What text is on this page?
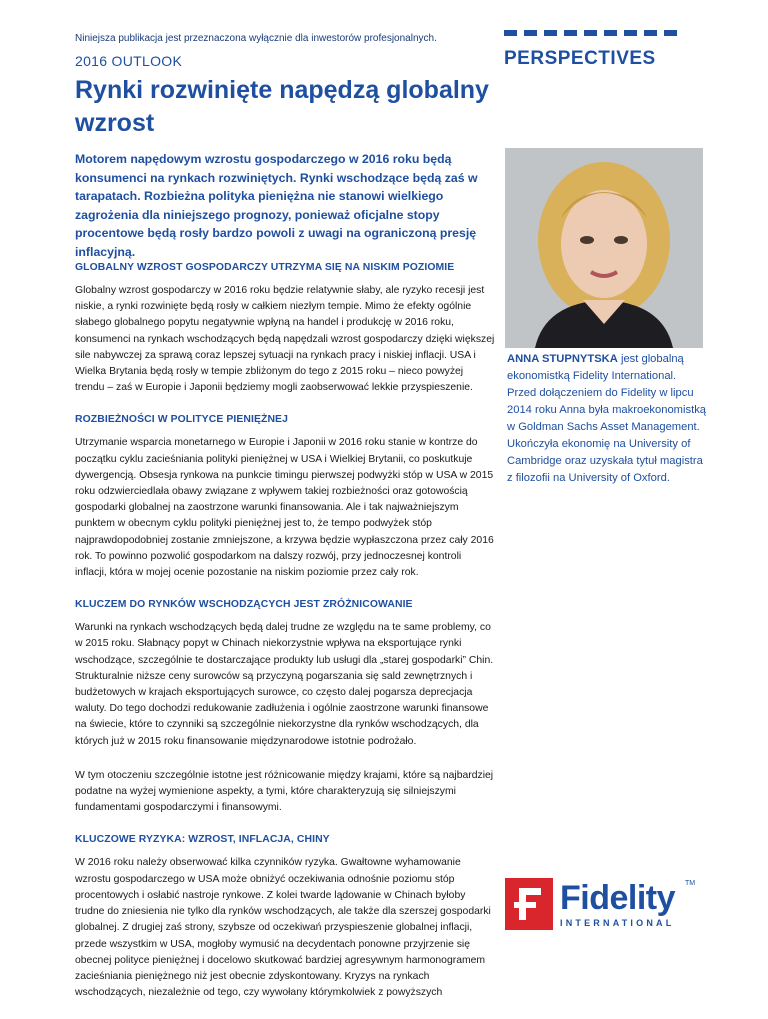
Niniejsza publikacja jest przeznaczona wyłącznie dla inwestorów profesjonalnych.
PERSPECTIVES
2016 OUTLOOK
Rynki rozwinięte napędzą globalny wzrost

Motorem napędowym wzrostu gospodarczego w 2016 roku będą konsumenci na rynkach rozwiniętych. Rynki wschodzące będą zaś w tarapatach. Rozbieżna polityka pieniężna nie stanowi wielkiego zagrożenia dla niniejszego prognozy, ponieważ oficjalne stopy procentowe będą rosły bardzo powoli z uwagi na ograniczoną presję inflacyjną.

ANNA STUPNYTSKA jest globalną ekonomistką Fidelity International. Przed dołączeniem do Fidelity w lipcu 2014 roku Anna była makroekonomistką w Goldman Sachs Asset Management. Ukończyła ekonomię na University of Cambridge oraz uzyskała tytuł magistra z filozofii na University of Oxford.

GLOBALNY WZROST GOSPODARCZY UTRZYMA SIĘ NA NISKIM POZIOMIE

Globalny wzrost gospodarczy w 2016 roku będzie relatywnie słaby, ale ryzyko recesji jest niskie, a rynki rozwinięte będą rosły w całkiem niezłym tempie. Mimo że efekty ogólnie słabego globalnego popytu negatywnie wpłyną na handel i produkcję w 2016 roku, konsumenci na rynkach wschodzących będą napędzali wzrost gospodarczy dzięki większej sile nabywczej za sprawą coraz lepszej sytuacji na rynkach pracy i niskiej inflacji. USA i Wielka Brytania będą rosły w tempie zbliżonym do tego z 2015 roku – nieco powyżej trendu – zaś w Europie i Japonii będziemy mogli zaobserwować lekkie przyspieszenie.

ROZBIEŻNOŚCI W POLITYCE PIENIĘŻNEJ

Utrzymanie wsparcia monetarnego w Europie i Japonii w 2016 roku stanie w kontrze do początku cyklu zacieśniania polityki pieniężnej w USA i Wielkiej Brytanii, co poskutkuje dywergencją. Obsesja rynkowa na punkcie timingu pierwszej podwyżki stóp w USA w 2015 roku odzwierciedlała obawy związane z wpływem takiej rozbieżności oraz gotowością gospodarki globalnej na zaostrzone warunki finansowania. Ale i tak najważniejszym punktem w obecnym cyklu polityki pieniężnej jest to, że tempo podwyżek stóp najprawdopodobniej zostanie zmniejszone, a krzywa będzie wypłaszczona przez cały 2016 rok. To powinno pozwolić gospodarkom na dalszy rozwój, przy jednoczesnej kontroli inflacji, która w mojej ocenie pozostanie na niskim poziomie przez cały rok.

KLUCZEM DO RYNKÓW WSCHODZĄCYCH JEST ZRÓŻNICOWANIE

Warunki na rynkach wschodzących będą dalej trudne ze względu na te same problemy, co w 2015 roku. Słabnący popyt w Chinach niekorzystnie wpływa na eksportujące rynki wschodzące, szczególnie te dostarczające produkty lub usługi dla „starej gospodarki” Chin. Strukturalnie niższe ceny surowców są przyczyną pogarszania się sald zewnętrznych i budżetowych w krajach eksportujących surowce, co często dalej pogarsza deprecjacja waluty. Do tego dochodzi redukowanie zadłużenia i ogólnie zaostrzone warunki finansowe na świecie, które to czynniki są szczególnie niekorzystne dla rynków wschodzących, dla których już w 2015 roku finansowanie międzynarodowe istotnie podrożało.

W tym otoczeniu szczególnie istotne jest różnicowanie między krajami, które są najbardziej podatne na wyżej wymienione aspekty, a tymi, które charakteryzują się silniejszymi fundamentami gospodarczymi i finansowymi.

KLUCZOWE RYZYKA: WZROST, INFLACJA, CHINY

W 2016 roku należy obserwować kilka czynników ryzyka. Gwałtowne wyhamowanie wzrostu gospodarczego w USA może obniżyć oczekiwania odnośnie poziomu stóp procentowych i osłabić nastroje rynkowe. Z kolei twarde lądowanie w Chinach byłoby trudne do zniesienia nie tylko dla rynków wschodzących, ale także dla szerszej gospodarki globalnej. Z drugiej zaś strony, szybsze od oczekiwań przyspieszenie globalnej inflacji, przede wszystkim w USA, mogłoby wymusić na decydentach ponowne przyjrzenie się obecnej polityce pieniężnej i docelowo skutkować bardziej agresywnym harmonogramem zacieśniania pieniężnego niż jest obecnie zdyskontowany. Kryzys na rynkach wschodzących, niezależnie od tego, czy wywołany którymkolwiek z powyższych

Fidelity
INTERNATIONAL
TM
